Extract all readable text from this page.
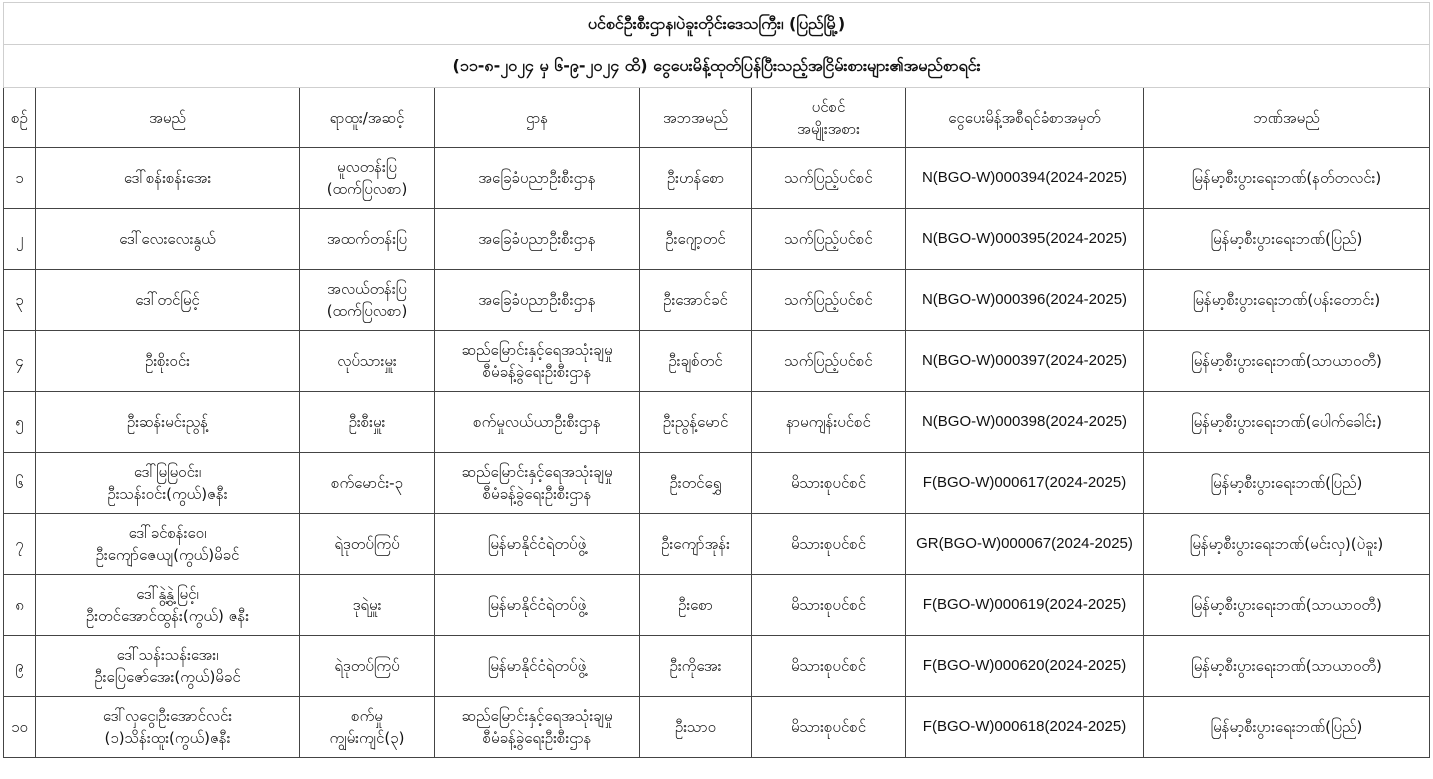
ပင်စင်ဦးစီးဌာန၊ပဲခူးတိုင်းဒေသကြီး၊ (ပြည်မြို့)							
(၁၁-၈-၂၀၂၄ မှ ၆-၉-၂၀၂၄ ထိ) ငွေပေးမိန့်ထုတ်ပြန်ပြီးသည့်အငြိမ်းစားများ၏အမည်စာရင်း							
စဉ်	အမည်	ရာထူး/အဆင့်	ဌာန	အဘအမည်	ပင်စင်
အမျိုးအစား	ငွေပေးမိန့်အစီရင်ခံစာအမှတ်	ဘဏ်အမည်
၁	ဒေါ်စန်းစန်းအေး	မူလတန်းပြ
(ထက်ပြလစာ)	အခြေခံပညာဦးစီးဌာန	ဦးဟန်စော	သက်ပြည့်ပင်စင်	N(BGO-W)000394(2024-2025)	မြန်မာ့စီးပွားရေးဘဏ်(နတ်တလင်း)
၂	ဒေါ်လေးလေးနွယ်	အထက်တန်းပြ	အခြေခံပညာဦးစီးဌာန	ဦးဂျော့တင်	သက်ပြည့်ပင်စင်	N(BGO-W)000395(2024-2025)	မြန်မာ့စီးပွားရေးဘဏ်(ပြည်)
၃	ဒေါ်တင်မြင့်	အလယ်တန်းပြ
(ထက်ပြလစာ)	အခြေခံပညာဦးစီးဌာန	ဦးအောင်ခင်	သက်ပြည့်ပင်စင်	N(BGO-W)000396(2024-2025)	မြန်မာ့စီးပွားရေးဘဏ်(ပန်းတောင်း)
၄	ဦးစိုးဝင်း	လုပ်သားမှူး	ဆည်မြောင်းနှင့်ရေအသုံးချမှု
စီမံခန့်ခွဲရေးဦးစီးဌာန	ဦးချစ်တင်	သက်ပြည့်ပင်စင်	N(BGO-W)000397(2024-2025)	မြန်မာ့စီးပွားရေးဘဏ်(သာယာဝတီ)
၅	ဦးဆန်းမင်းညွန့်	ဦးစီးမှူး	စက်မှုလယ်ယာဦးစီးဌာန	ဦးညွန့်မောင်	နာမကျန်းပင်စင်	N(BGO-W)000398(2024-2025)	မြန်မာ့စီးပွားရေးဘဏ်(ပေါက်ခေါင်း)
၆	ဒေါ်မြမြဝင်း၊
ဦးသန်းဝင်း(ကွယ်)ဇနီး	စက်မောင်း-၃	ဆည်မြောင်းနှင့်ရေအသုံးချမှု
စီမံခန့်ခွဲရေးဦးစီးဌာန	ဦးတင်ရွှေ	မိသားစုပင်စင်	F(BGO-W)000617(2024-2025)	မြန်မာ့စီးပွားရေးဘဏ်(ပြည်)
၇	ဒေါ်ခင်စန်းဝေ၊
ဦးကျော်ဇေယျ(ကွယ်)မိခင်	ရဲဒုတပ်ကြပ်	မြန်မာနိုင်ငံရဲတပ်ဖွဲ့	ဦးကျော်အုန်း	မိသားစုပင်စင်	GR(BGO-W)000067(2024-2025)	မြန်မာ့စီးပွားရေးဘဏ်(မင်းလှ)(ပဲခူး)
၈	ဒေါ်နွဲ့နွဲ့မြင့်၊
ဦးတင်အောင်ထွန်း(ကွယ်) ဇနီး	ဒုရဲမှူး	မြန်မာနိုင်ငံရဲတပ်ဖွဲ့	ဦးစော	မိသားစုပင်စင်	F(BGO-W)000619(2024-2025)	မြန်မာ့စီးပွားရေးဘဏ်(သာယာဝတီ)
၉	ဒေါ်သန်းသန်းအေး၊
ဦးပြေဇော်အေး(ကွယ်)မိခင်	ရဲဒုတပ်ကြပ်	မြန်မာနိုင်ငံရဲတပ်ဖွဲ့	ဦးကိုအေး	မိသားစုပင်စင်	F(BGO-W)000620(2024-2025)	မြန်မာ့စီးပွားရေးဘဏ်(သာယာဝတီ)
၁၀	ဒေါ်လှငွေ၊ဦးအောင်လင်း
(၁)သိန်းထူး(ကွယ်)ဇနီး	စက်မှု
ကျွမ်းကျင်(၃)	ဆည်မြောင်းနှင့်ရေအသုံးချမှု
စီမံခန့်ခွဲရေးဦးစီးဌာန	ဦးသာဝ	မိသားစုပင်စင်	F(BGO-W)000618(2024-2025)	မြန်မာ့စီးပွားရေးဘဏ်(ပြည်)
